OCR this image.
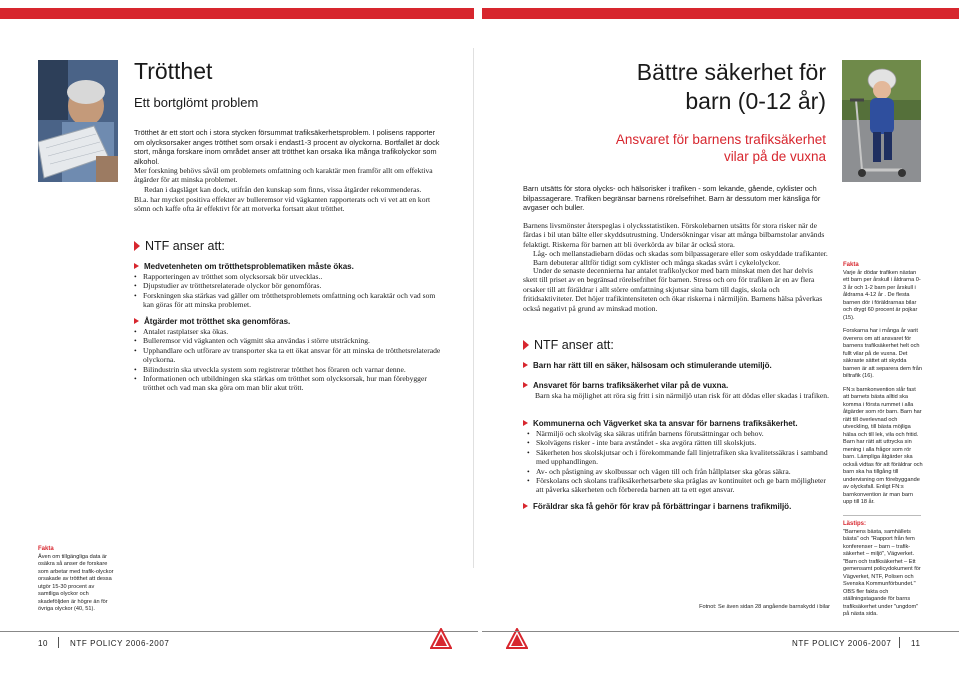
Trötthet
Ett bortglömt problem
Trötthet är ett stort och i stora stycken försummat trafiksäkerhetsproblem. I polisens rapporter om olycksorsaker anges trötthet som orsak i endast1-3 procent av olyckorna. Bortfallet är dock stort, många forskare inom området anser att trötthet kan orsaka lika många trafikolyckor som alkohol.
Mer forskning behövs såväl om problemets omfattning och karaktär men framför allt om effektiva åtgärder för att minska problemet.
Redan i dagsläget kan dock, utifrån den kunskap som finns, vissa åtgärder rekommenderas.
Bl.a. har mycket positiva effekter av bulleremsor vid vägkanten rapporterats och vi vet att en kort sömn och kaffe ofta är effektivt för att motverka fortsatt akut trötthet.
NTF anser att:
Medvetenheten om trötthetsproblematiken måste ökas.
• Rapporteringen av trötthet som olycksorsak bör utvecklas..
• Djupstudier av trötthetsrelaterade olyckor bör genomföras.
• Forskningen ska stärkas vad gäller om trötthetsproblemets omfattning och karaktär och vad som kan göras för att minska problemet.
Åtgärder mot trötthet ska genomföras.
• Antalet rastplatser ska ökas.
• Bulleremsor vid vägkanten och vägmitt ska användas i större utsträckning.
• Upphandlare och utförare av transporter ska ta ett ökat ansvar för att minska de trötthetsrelaterade olyckorna.
• Bilindustrin ska utveckla system som registrerar trötthet hos föraren och varnar denne.
• Informationen och utbildningen ska stärkas om trötthet som olycksorsak, hur man förebygger trötthet och vad man ska göra om man blir akut trött.
Fakta
Även om tillgängliga data är osäkra så anser de forskare som arbetar med trafik-olyckor orsakade av trötthet att dessa utgör 15-30 procent av samtliga olyckor och skadeföljden är högre än för övriga olyckor (40, 51).
Bättre säkerhet för
barn (0-12 år)
Ansvaret för barnens trafiksäkerhet
vilar på de vuxna
Barn utsätts för stora olycks- och hälsorisker i trafiken - som lekande, gående, cyklister och bilpassagerare. Trafiken begränsar barnens rörelsefrihet. Barn är dessutom mer känsliga för avgaser och buller.
Barnens livsmönster återspeglas i olycksstatistiken. Förskolebarnen utsätts för stora risker när de färdas i bil utan bälte eller skyddsutrustning. Undersökningar visar att många bilbarnstolar används felaktigt. Riskerna för barnen att bli överkörda av bilar är också stora.
Låg- och mellanstadiebarn dödas och skadas som bilpassagerare eller som oskyddade trafikanter. Barn debuterar alltför tidigt som cyklister och många skadas svårt i cykelolyckor.
Under de senaste decennierna har antalet trafikolyckor med barn minskat men det har delvis skett till priset av en begränsad rörelsefrihet för barnen. Stress och oro för trafiken är en av flera orsaker till att föräldrar i allt större omfattning skjutsar sina barn till dagis, skola och fritidsaktiviteter. Det höjer trafikintensiteten och ökar riskerna i närmiljön. Barnens hälsa påverkas också negativt på grund av minskad motion.
NTF anser att:
Barn har rätt till en säker, hälsosam och stimulerande utemiljö.
Ansvaret för barns trafiksäkerhet vilar på de vuxna.
Barn ska ha möjlighet att röra sig fritt i sin närmiljö utan risk för att dödas eller skadas i trafiken.
Kommunerna och Vägverket ska ta ansvar för barnens trafiksäkerhet.
• Närmiljö och skolväg ska säkras utifrån barnens förutsättningar och behov.
• Skolvägens risker - inte bara avståndet - ska avgöra rätten till skolskjuts.
• Säkerheten hos skolskjutsar och i förekommande fall linjetrafiken ska kvalitetssäkras i samband med upphandlingen.
• Av- och påstigning av skolbussar och vägen till och från hållplatser ska göras säkra.
• Förskolans och skolans trafiksäkerhetsarbete ska präglas av kontinuitet och ge barn möjligheter att påverka säkerheten och förbereda barnen att ta ett eget ansvar.
Föräldrar ska få gehör för krav på förbättringar i barnens trafikmiljö.
Fakta
Varje år dödar trafiken nästan ett barn per årskull i åldrarna 0-3 år och 1-2 barn per årskull i åldrarna 4-12 år . De flesta barnen dör i föräldrarnas bilar och drygt 60 procent är pojkar (15).
Forskarna har i många år varit överens om att ansvaret för barnens trafiksäkerhet helt och fullt vilar på de vuxna. Det säkraste sättet att skydda barnen är att separera dem från biltrafik (16).
FN:s barnkonvention slår fast att barnets bästa alltid ska komma i första rummet i alla åtgärder som rör barn. Barn har rätt till överlevnad och utveckling, till bästa möjliga hälsa och till lek, vila och fritid. Barn har rätt att uttrycka sin mening i alla frågor som rör barn. Lämpliga åtgärder ska också vidtas för att föräldrar och barn ska ha tillgång till undervisning om förebyggande av olycksfall. Enligt FN:s barnkonvention är man barn upp till 18 år.
Lästips:
"Barnens bästa, samhällets bästa" och "Rapport från fem konferenser – barn – trafik-säkerhet – miljö", Vägverket. "Barn och trafiksäkerhet – Ett gemensamt policydokument för Vägverket, NTF, Polisen och Svenska Kommunförbundet." OBS fler fakta och ställningstagande för barns trafiksäkerhet under "ungdom" på nästa sida.
Fotnot: Se även sidan 28 angående barnskydd i bilar
10	NTF POLICY 2006-2007	NTF POLICY 2006-2007 11
